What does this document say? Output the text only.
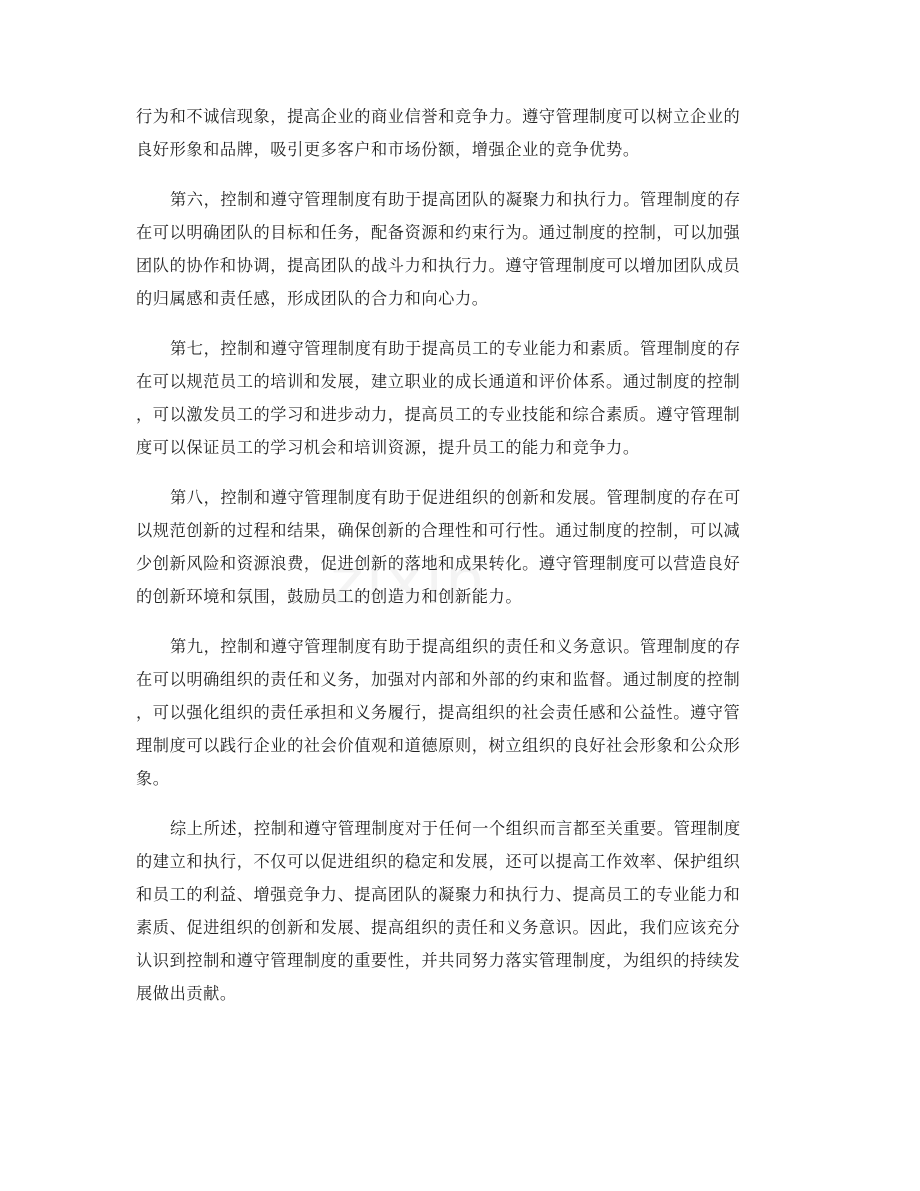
行为和不诚信现象，提高企业的商业信誉和竞争力。遵守管理制度可以树立企业的
良好形象和品牌，吸引更多客户和市场份额，增强企业的竞争优势。
第六，控制和遵守管理制度有助于提高团队的凝聚力和执行力。管理制度的存
在可以明确团队的目标和任务，配备资源和约束行为。通过制度的控制，可以加强
团队的协作和协调，提高团队的战斗力和执行力。遵守管理制度可以增加团队成员
的归属感和责任感，形成团队的合力和向心力。
第七，控制和遵守管理制度有助于提高员工的专业能力和素质。管理制度的存
在可以规范员工的培训和发展，建立职业的成长通道和评价体系。通过制度的控制
，可以激发员工的学习和进步动力，提高员工的专业技能和综合素质。遵守管理制
度可以保证员工的学习机会和培训资源，提升员工的能力和竞争力。
第八，控制和遵守管理制度有助于促进组织的创新和发展。管理制度的存在可
以规范创新的过程和结果，确保创新的合理性和可行性。通过制度的控制，可以减
少创新风险和资源浪费，促进创新的落地和成果转化。遵守管理制度可以营造良好
的创新环境和氛围，鼓励员工的创造力和创新能力。
第九，控制和遵守管理制度有助于提高组织的责任和义务意识。管理制度的存
在可以明确组织的责任和义务，加强对内部和外部的约束和监督。通过制度的控制
，可以强化组织的责任承担和义务履行，提高组织的社会责任感和公益性。遵守管
理制度可以践行企业的社会价值观和道德原则，树立组织的良好社会形象和公众形
象。
综上所述，控制和遵守管理制度对于任何一个组织而言都至关重要。管理制度
的建立和执行，不仅可以促进组织的稳定和发展，还可以提高工作效率、保护组织
和员工的利益、增强竞争力、提高团队的凝聚力和执行力、提高员工的专业能力和
素质、促进组织的创新和发展、提高组织的责任和义务意识。因此，我们应该充分
认识到控制和遵守管理制度的重要性，并共同努力落实管理制度，为组织的持续发
展做出贡献。
